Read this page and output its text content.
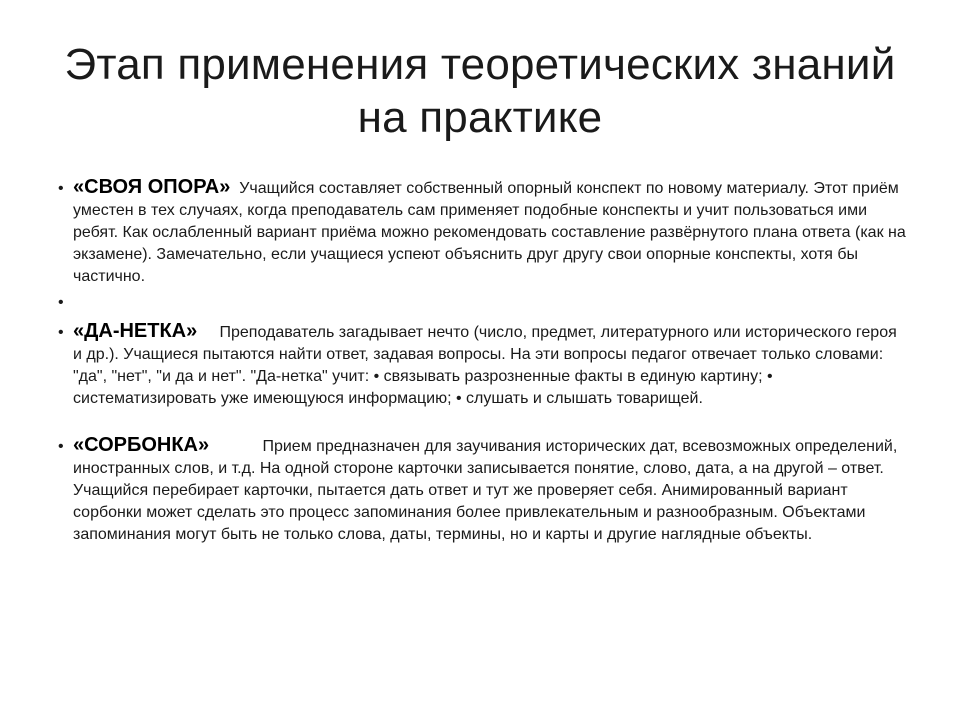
Этап применения теоретических знаний
на практике
• «СВОЯ ОПОРА» Учащийся составляет собственный опорный конспект по новому материалу. Этот приём уместен в тех случаях, когда преподаватель сам применяет подобные конспекты и учит пользоваться ими ребят. Как ослабленный вариант приёма можно рекомендовать составление развёрнутого плана ответа (как на экзамене). Замечательно, если учащиеся успеют объяснить друг другу свои опорные конспекты, хотя бы частично.
•
• «ДА-НЕТКА» Преподаватель загадывает нечто (число, предмет, литературного или исторического героя и др.). Учащиеся пытаются найти ответ, задавая вопросы. На эти вопросы педагог отвечает только словами: "да", "нет", "и да и нет". "Да-нетка" учит: • связывать разрозненные факты в единую картину; • систематизировать уже имеющуюся информацию; • слушать и слышать товарищей.
• «СОРБОНКА»	Прием предназначен для заучивания исторических дат, всевозможных определений, иностранных слов, и т.д. На одной стороне карточки записывается понятие, слово, дата, а на другой – ответ. Учащийся перебирает карточки, пытается дать ответ и тут же проверяет себя. Анимированный вариант сорбонки может сделать это процесс запоминания более привлекательным и разнообразным. Объектами запоминания могут быть не только слова, даты, термины, но и карты и другие наглядные объекты.
